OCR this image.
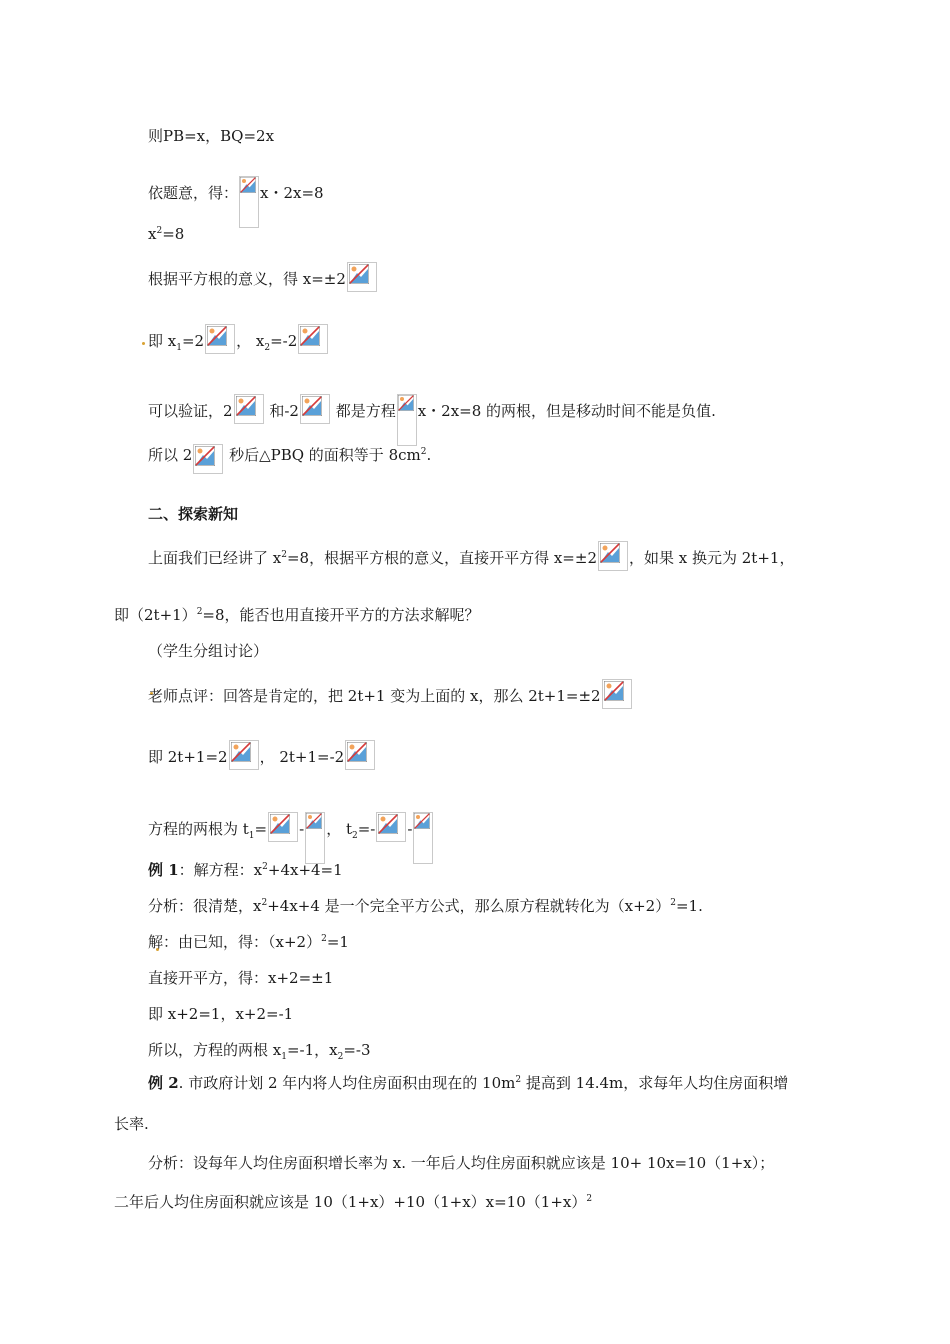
则PB=x，BQ=2x
依题意，得： x・2x=8
$x^2=8$
根据平方根的意义，得 x=±2
即 $x_1=2$ ， $x_2=-2$
可以验证，2
和-2
都是方程 x・2x=8 的两根，但是移动时间不能是负值.
所以 2
秒后△PBQ 的面积等于 $8cm^2$.
二、探索新知
上面我们已经讲了 $x^2=8$，根据平方根的意义，直接开平方得 x=±2 ，如果 x 换元为 2t+1，
即$(2t+1)^2=8$，能否也用直接开平方的方法求解呢？
（学生分组讨论）
老师点评：回答是肯定的，把 2t+1 变为上面的 x，那么 2t+1=±2
即 2t+1=2 ， 2t+1=-2
方程的两根为 $t_1=$ - ， $t_2=-$ -
例 1：解方程：$x^2+4x+4=1$
分析：很清楚，$x^2+4x+4$ 是一个完全平方公式，那么原方程就转化为$(x+2)^2=1$.
解：由已知，得：$(x+2)^2=1$
直接开平方，得：x+2=±1
即 x+2=1，x+2=-1
所以，方程的两根 $x_1=-1$，$x_2=-3$
例 2. 市政府计划 2 年内将人均住房面积由现在的 $10m^2$ 提高到 14.4m，求每年人均住房面积增
长率.
分析：设每年人均住房面积增长率为 x. 一年后人均住房面积就应该是 10+ 10x=10（1+x）；
二年后人均住房面积就应该是 $10(1+x)+10(1+x)x=10(1+x)^2$
